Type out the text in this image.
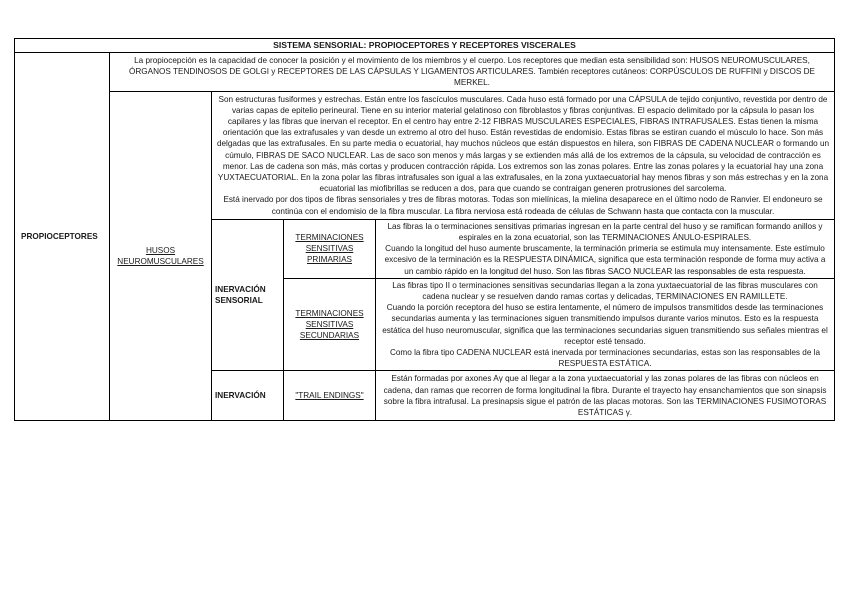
SISTEMA SENSORIAL: PROPIOCEPTORES Y RECEPTORES VISCERALES				
PROPIOCEPTORES	La propiocepción es la capacidad de conocer la posición y el movimiento de los miembros y el cuerpo. Los receptores que median esta sensibilidad son: HUSOS NEUROMUSCULARES, ÓRGANOS TENDINOSOS DE GOLGI y RECEPTORES DE LAS CÁPSULAS Y LIGAMENTOS ARTICULARES. También receptores cutáneos: CORPÚSCULOS DE RUFFINI y DISCOS DE MERKEL.			
	HUSOS NEUROMUSCULARES	Son estructuras fusiformes y estrechas. Están entre los fascículos musculares. Cada huso está formado por una CÁPSULA de tejido conjuntivo, revestida por dentro de varias capas de epitelio perineural. Tiene en su interior material gelatinoso con fibroblastos y fibras conjuntivas. El espacio delimitado por la cápsula lo pasan los capilares y las fibras que inervan el receptor. En el centro hay entre 2-12 FIBRAS MUSCULARES ESPECIALES, FIBRAS INTRAFUSALES. Estas tienen la misma orientación que las extrafusales y van desde un extremo al otro del huso. Están revestidas de endomisio. Estas fibras se estiran cuando el músculo lo hace. Son más delgadas que las extrafusales. En su parte media o ecuatorial, hay muchos núcleos que están dispuestos en hilera, son FIBRAS DE CADENA NUCLEAR o formando un cúmulo, FIBRAS DE SACO NUCLEAR. Las de saco son menos y más largas y se extienden más allá de los extremos de la cápsula, su velocidad de contracción es menor. Las de cadena son más, más cortas y producen contracción rápida. Los extremos son las zonas polares. Entre las zonas polares y la ecuatorial hay una zona YUXTAECUATORIAL. En la zona polar las fibras intrafusales son igual a las extrafusales, en la zona yuxtaecuatorial hay menos fibras y son más estrechas y en la zona ecuatorial las miofibrillas se reducen a dos, para que cuando se contraigan generen protrusiones del sarcolema.
Está inervado por dos tipos de fibras sensoriales y tres de fibras motoras. Todas son mielínicas, la mielina desaparece en el último nodo de Ranvier. El endoneuro se continúa con el endomisio de la fibra muscular. La fibra nerviosa está rodeada de células de Schwann hasta que contacta con la muscular.		

		INERVACIÓN SENSORIAL	TERMINACIONES SENSITIVAS PRIMARIAS	Las fibras Ia o terminaciones sensitivas primarias ingresan en la parte central del huso y se ramifican formando anillos y espirales en la zona ecuatorial, son las TERMINACIONES ÁNULO-ESPIRALES.
Cuando la longitud del huso aumente bruscamente, la terminación primeria se estimula muy intensamente. Este estímulo excesivo de la terminación es la RESPUESTA DINÁMICA, significa que esta terminación responde de forma muy activa a un cambio rápido en la longitud del huso. Son las fibras SACO NUCLEAR las responsables de esta respuesta.

			TERMINACIONES SENSITIVAS SECUNDARIAS	Las fibras tipo II o terminaciones sensitivas secundarias llegan a la zona yuxtaecuatorial de las fibras musculares con cadena nuclear y se resuelven dando ramas cortas y delicadas, TERMINACIONES EN RAMILLETE.
Cuando la porción receptora del huso se estira lentamente, el número de impulsos transmitidos desde las terminaciones secundarias aumenta y las terminaciones siguen transmitiendo impulsos durante varios minutos. Esto es la respuesta estática del huso neuromuscular, significa que las terminaciones secundarias siguen transmitiendo sus señales mientras el receptor esté tensado.
Como la fibra tipo CADENA NUCLEAR está inervada por terminaciones secundarias, estas son las responsables de la RESPUESTA ESTÁTICA.

		INERVACIÓN	"TRAIL ENDINGS"	Están formadas por axones Aγ que al llegar a la zona yuxtaecuatorial y las zonas polares de las fibras con núcleos en cadena, dan ramas que recorren de forma longitudinal la fibra. Durante el trayecto hay ensanchamientos que son sinapsis sobre la fibra intrafusal. La presinapsis sigue el patrón de las placas motoras. Son las TERMINACIONES FUSIMOTORAS ESTÁTICAS γ.
